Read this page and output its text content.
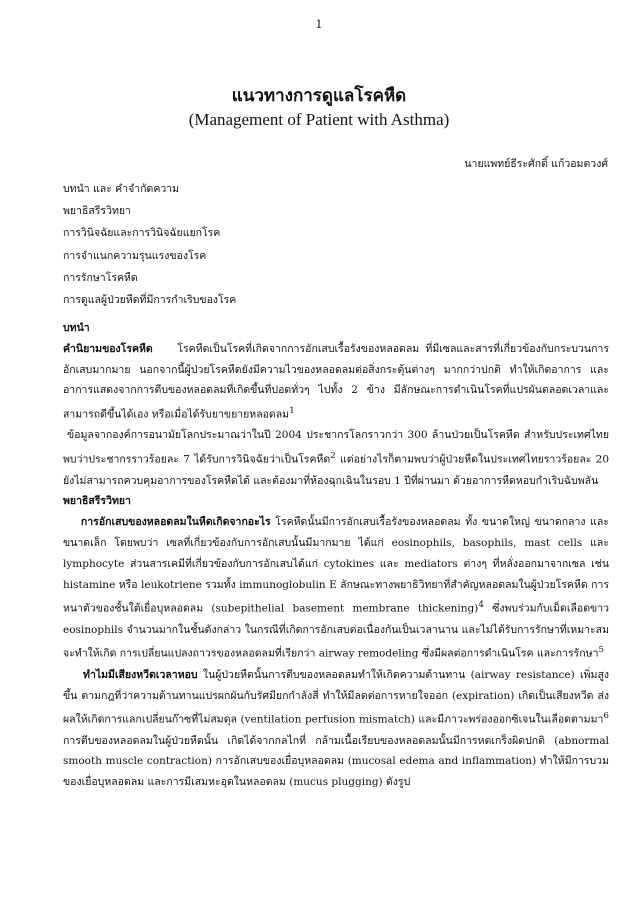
1
แนวทางการดูแลโรคหืด
(Management of Patient with Asthma)
นายแพทย์ธีระศักดิ์ แก้วอมตวงศ์
บทนำ และ คำจำกัดความ
พยาธิสรีรวิทยา
การวินิจฉัยและการวินิจฉัยแยกโรค
การจำแนกความรุนแรงของโรค
การรักษาโรคหืด
การดูแลผู้ป่วยหืดที่มีการกำเริบของโรค

บทนำ

คำนิยามของโรคหืด โรคหืดเป็นโรคที่เกิดจากการอักเสบเรื้อรังของหลอดลม ที่มีเซลและสารที่เกี่ยวข้องกับกระบวนการอักเสบมากมาย นอกจากนี้ผู้ป่วยโรคหืดยังมีความไวของหลอดลมต่อสิ่งกระตุ้นต่างๆ มากกว่าปกติ ทำให้เกิดอาการ และอาการแสดงจากการตีบของหลอดลมที่เกิดขึ้นที่ปอดทั่วๆ ไปทั้ง 2 ข้าง มีลักษณะการดำเนินโรคที่แปรผันตลอดเวลาและสามารถดีขึ้นได้เอง หรือเมื่อได้รับยาขยายหลอดลม$^1$

ข้อมูลจากองค์การอนามัยโลกประมาณว่าในปี 2004 ประชากรโลกราวกว่า 300 ล้านป่วยเป็นโรคหืด สำหรับประเทศไทย พบว่าประชากรราวร้อยละ 7 ได้รับการวินิจฉัยว่าเป็นโรคหืด$^2$ แต่อย่างไรก็ตามพบว่าผู้ป่วยหืดในประเทศไทยราวร้อยละ 20 ยังไม่สามารถควบคุมอาการของโรคหืดได้ และต้องมาที่ห้องฉุกเฉินในรอบ 1 ปีที่ผ่านมา ด้วยอาการหืดหอบกำเริบฉับพลัน

พยาธิสรีรวิทยา

การอักเสบของหลอดลมในหืดเกิดจากอะไร โรคหืดนั้นมีการอักเสบเรื้อรังของหลอดลม ทั้ง ขนาดใหญ่ ขนาดกลาง และขนาดเล็ก โดยพบว่า เซลที่เกี่ยวข้องกับการอักเสบนั้นมีมากมาย ได้แก่ eosinophils, basophils, mast cells และ lymphocyte ส่วนสารเคมีที่เกี่ยวข้องกับการอักเสบได้แก่ cytokines และ mediators ต่างๆ ที่หลั่งออกมาจากเซล เช่น histamine หรือ leukotriene รวมทั้ง immunoglobulin E ลักษณะทางพยาธิวิทยาที่สำคัญหลอดลมในผู้ป่วยโรคหืด การหนาตัวของชั้นใต้เยื่อบุหลอดลม (subepithelial basement membrane thickening)$^4$ ซึ่งพบร่วมกับเม็ดเลือดขาว eosinophils จำนวนมากในชั้นดังกล่าว ในกรณีที่เกิดการอักเสบต่อเนื่องกันเป็นเวลานาน และไม่ได้รับการรักษาที่เหมาะสม จะทำให้เกิด การเปลี่ยนแปลงถาวรของหลอดลมที่เรียกว่า airway remodeling ซึ่งมีผลต่อการดำเนินโรค และการรักษา$^5$

ทำไมมีเสียงหวีดเวลาหอบ ในผู้ป่วยหืดนั้นการตีบของหลอดลมทำให้เกิดความต้านทาน (airway resistance) เพิ่มสูงขึ้น ตามกฎที่ว่าความต้านทานแปรผกผันกับรัศมียกกำลังสี่ ทำให้มีลดต่อการหายใจออก (expiration) เกิดเป็นเสียงหวีด ส่งผลให้เกิดการแลกเปลี่ยนก๊าซที่ไม่สมดุล (ventilation perfusion mismatch) และมีภาวะพร่องออกซิเจนในเลือดตามมา$^6$ การตีบของหลอดลมในผู้ป่วยหืดนั้น เกิดได้จากกลไกที่ กล้ามเนื้อเรียบของหลอดลมนั้นมีการหดเกร็งผิดปกติ (abnormal smooth muscle contraction) การอักเสบของเยื่อบุหลอดลม (mucosal edema and inflammation) ทำให้มีการบวมของเยื่อบุหลอดลม และการมีเสมหะอุดในหลอดลม (mucus plugging) ดังรูป
